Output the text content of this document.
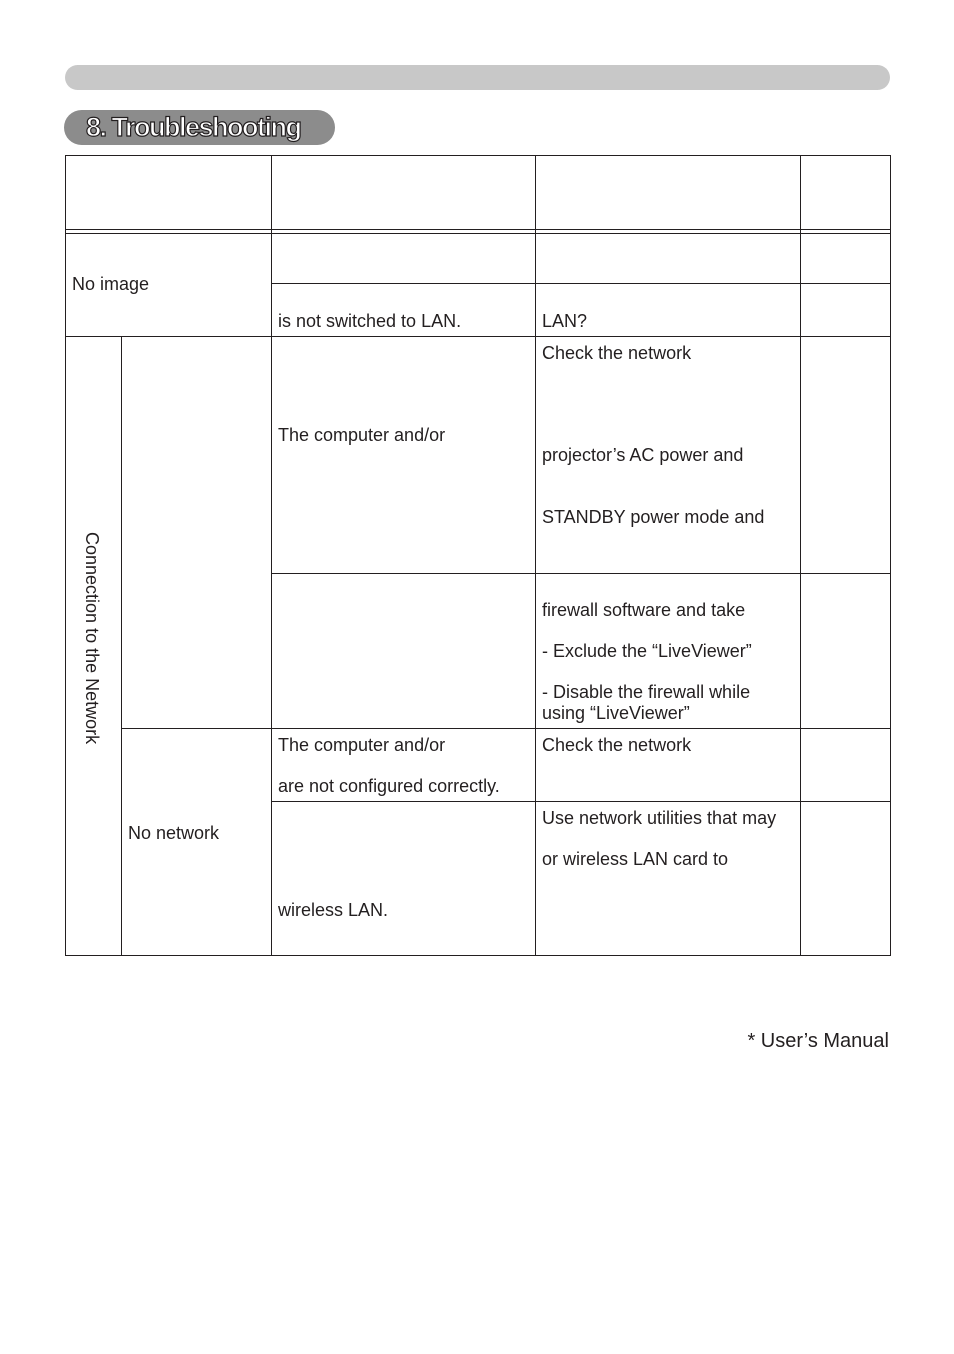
8. Troubleshooting
No image
is not switched to LAN.	LAN?
Connection to the Network
The computer and/or
Check the network
projector’s AC power and
STANDBY power mode and
firewall software and take
- Exclude the “LiveViewer”
- Disable the firewall while
using “LiveViewer”
No network
The computer and/or
are not configured correctly.
Check the network
wireless LAN.
Use network utilities that may
or wireless LAN card to
* User’s Manual
